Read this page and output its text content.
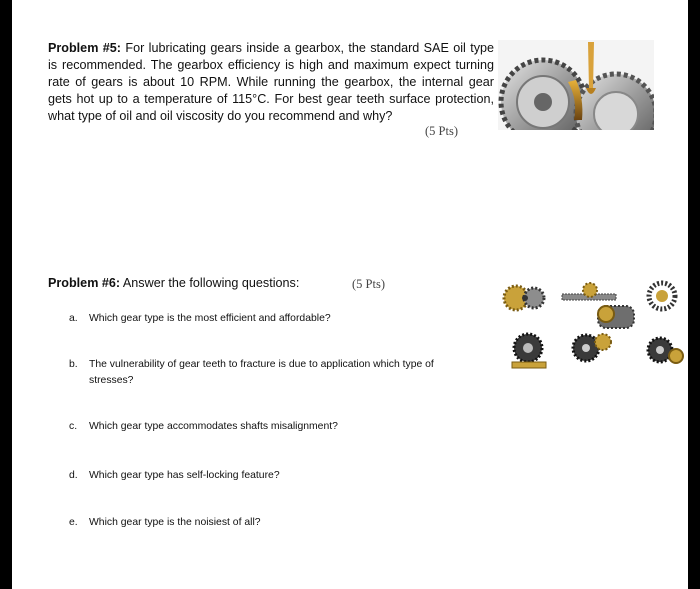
Problem #5: For lubricating gears inside a gearbox, the standard SAE oil type is recommended. The gearbox efficiency is high and maximum expect turning rate of gears is about 10 RPM. While running the gearbox, the internal gear gets hot up to a temperature of 115°C. For best gear teeth surface protection, what type of oil and oil viscosity do you recommend and why?
(5 Pts)
Problem #6: Answer the following questions:	(5 Pts)
a. Which gear type is the most efficient and affordable?
b. The vulnerability of gear teeth to fracture is due to application which type of
stresses?
c. Which gear type accommodates shafts misalignment?
d. Which gear type has self-locking feature?
e. Which gear type is the noisiest of all?
